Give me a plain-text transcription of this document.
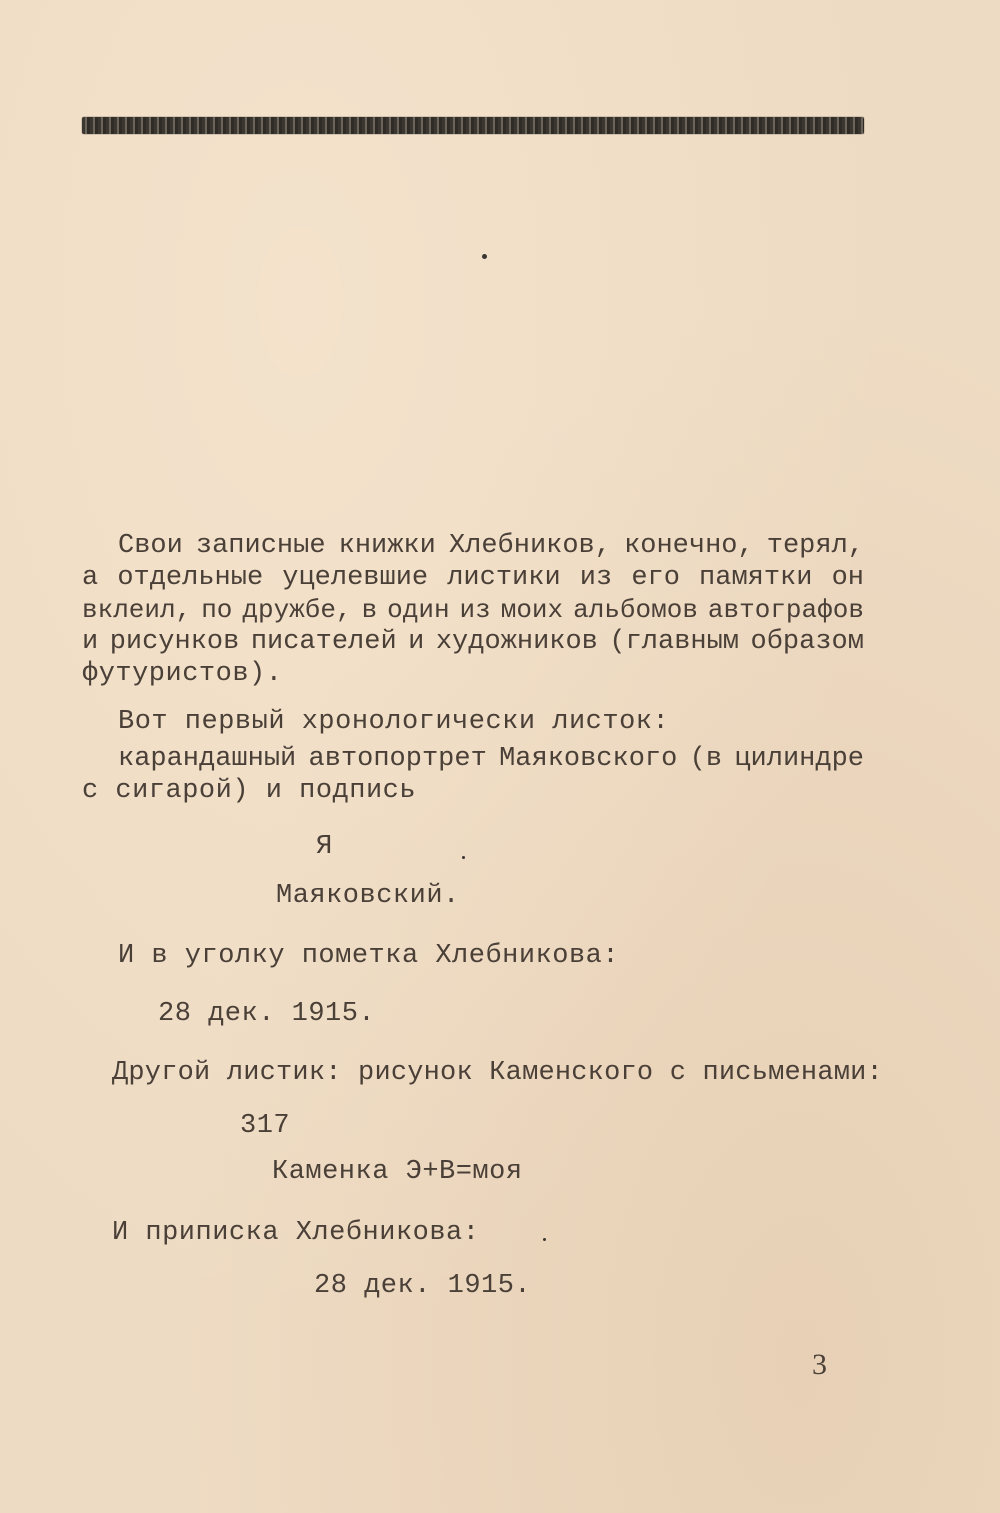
Свои записные книжки Хлебников, конечно, терял,
а отдельные уцелевшие листики из его памятки он
вклеил, по дружбе, в один из моих альбомов автографов
и рисунков писателей и художников (главным образом
футуристов).
Вот первый хронологически листок:
карандашный автопортрет Маяковского (в цилиндре
с сигарой) и подпись
Я
Маяковский.
И в уголку пометка Хлебникова:
28 дек. 1915.
Другой листик: рисунок Каменского с письменами:
317
Каменка Э+В=моя
И приписка Хлебникова:
28 дек. 1915.
3
